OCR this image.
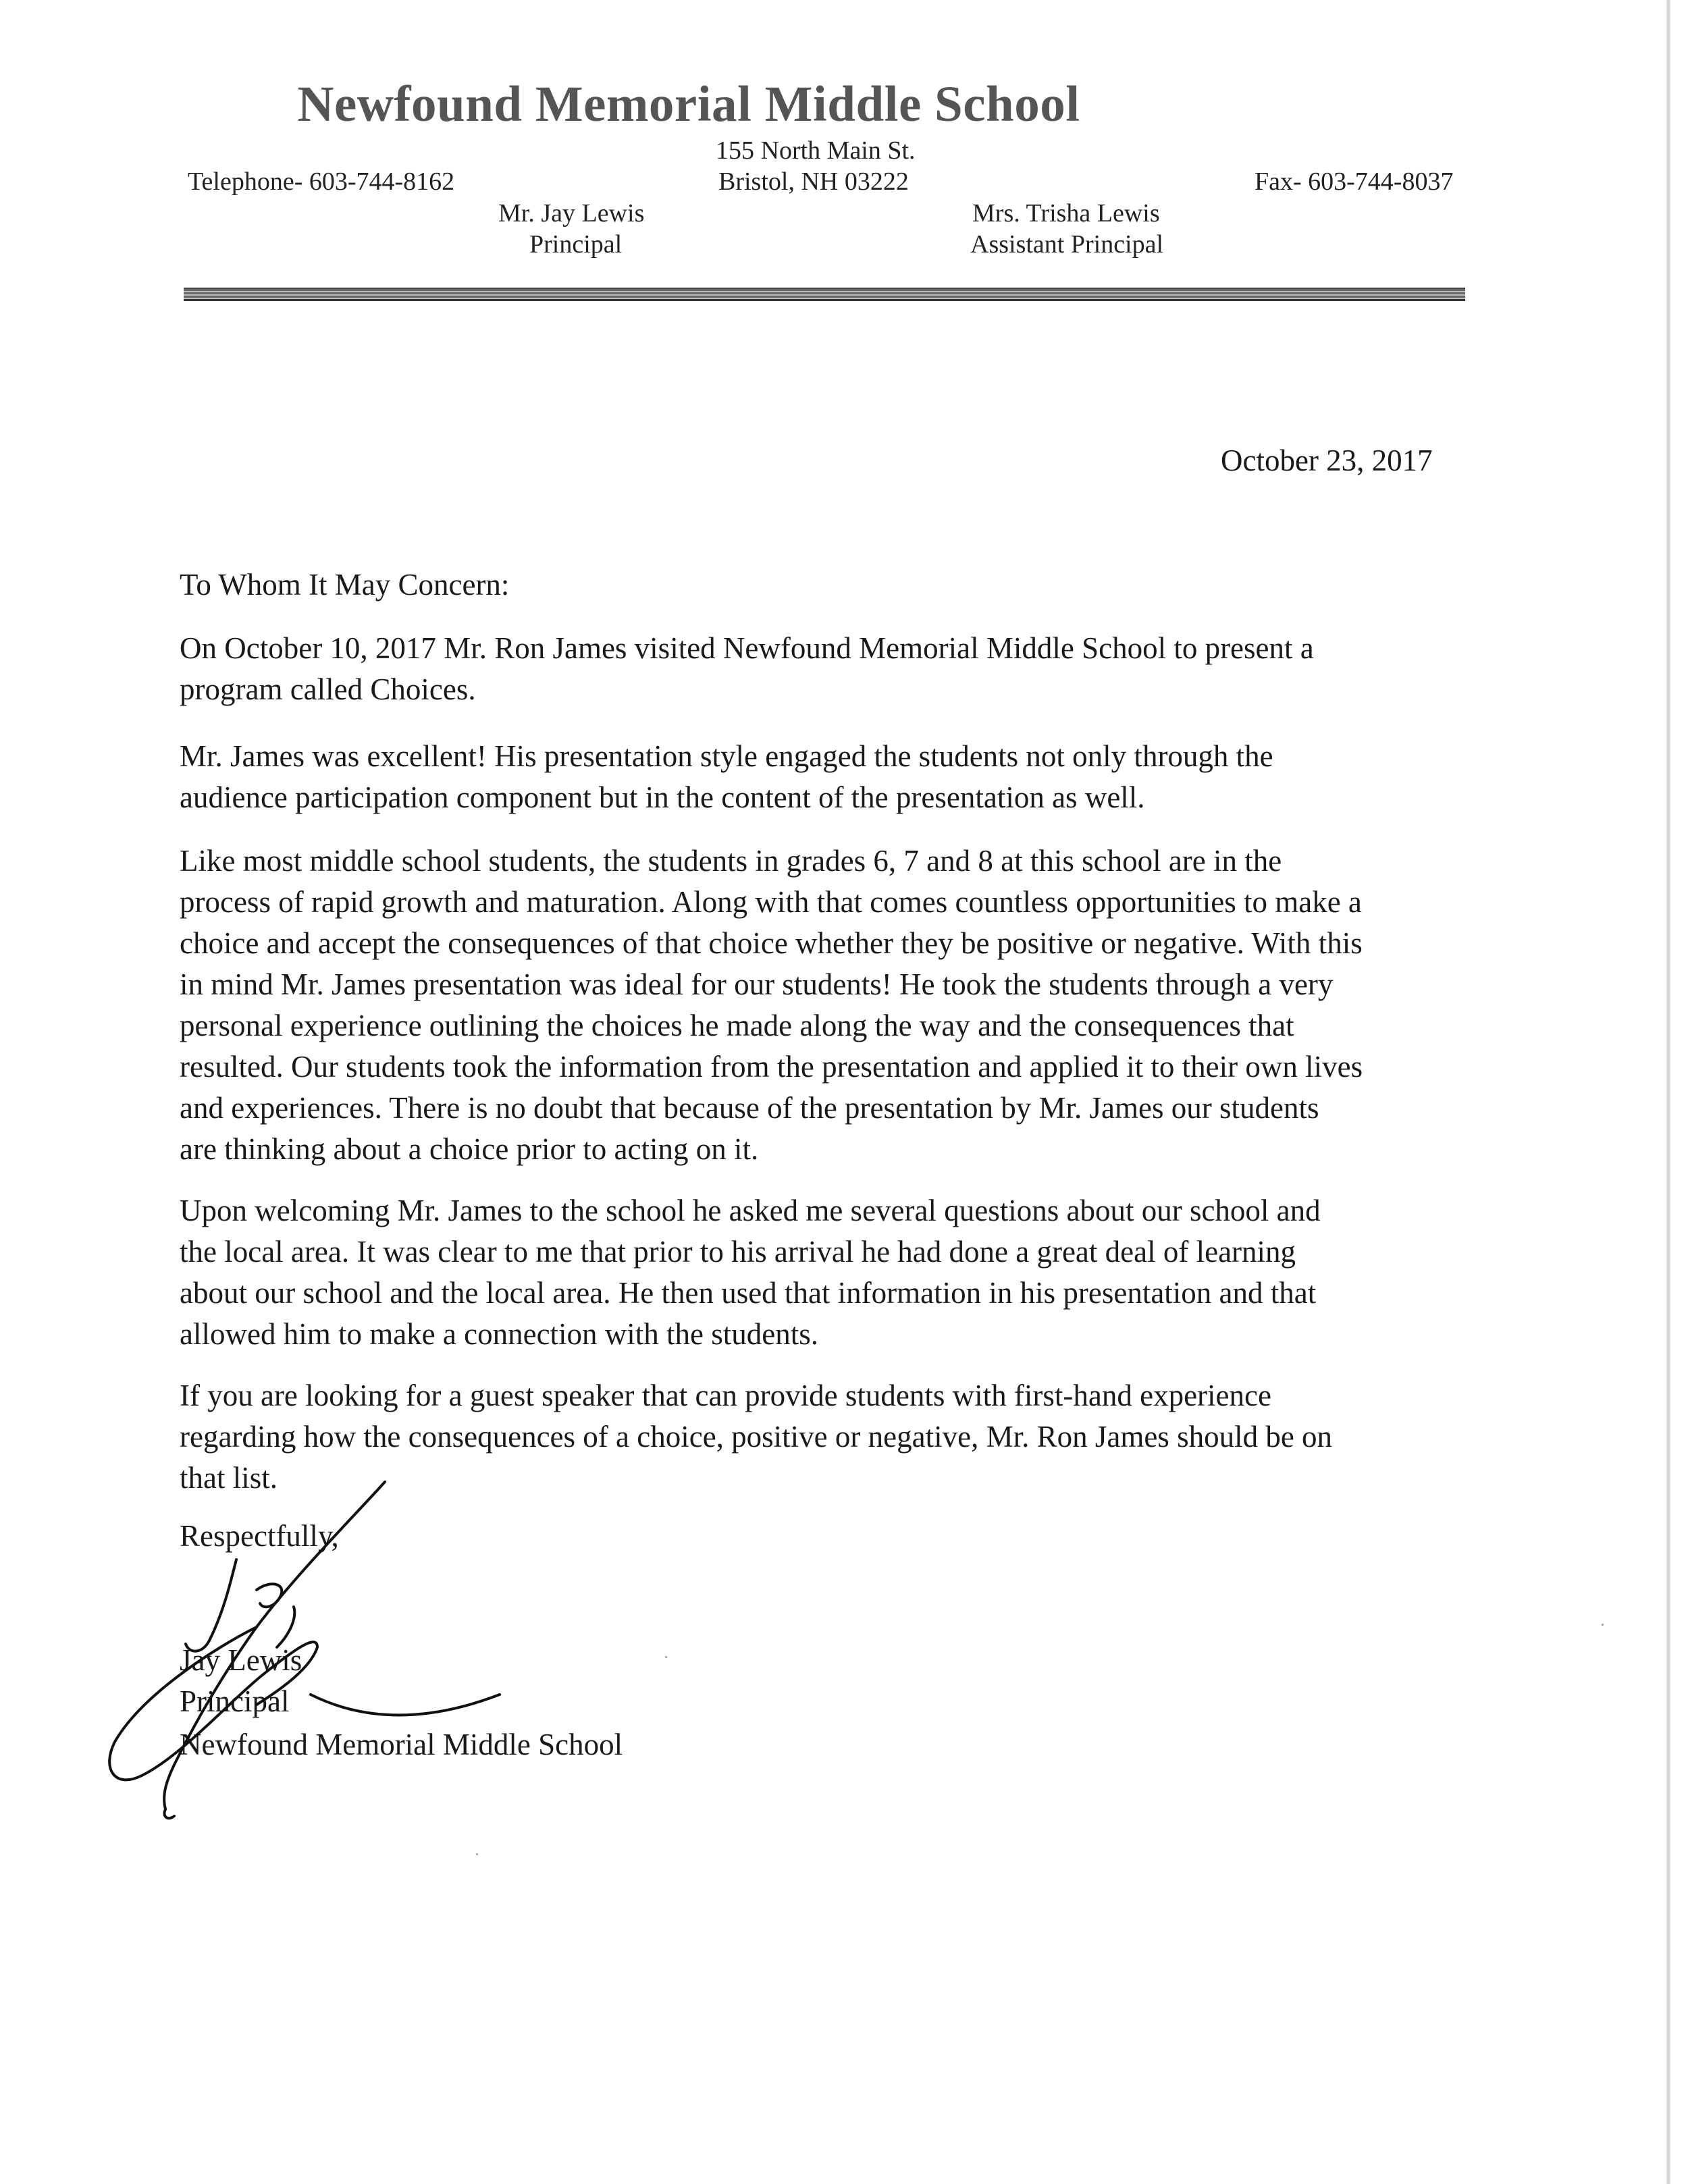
Newfound Memorial Middle School
155 North Main St.
Bristol, NH 03222
Telephone- 603-744-8162	Fax- 603-744-8037
Mr. Jay Lewis
Principal
Mrs. Trisha Lewis
Assistant Principal
October 23, 2017
To Whom It May Concern:
On October 10, 2017 Mr. Ron James visited Newfound Memorial Middle School to present a
program called Choices.
Mr. James was excellent! His presentation style engaged the students not only through the
audience participation component but in the content of the presentation as well.
Like most middle school students, the students in grades 6, 7 and 8 at this school are in the
process of rapid growth and maturation. Along with that comes countless opportunities to make a
choice and accept the consequences of that choice whether they be positive or negative. With this
in mind Mr. James presentation was ideal for our students! He took the students through a very
personal experience outlining the choices he made along the way and the consequences that
resulted. Our students took the information from the presentation and applied it to their own lives
and experiences. There is no doubt that because of the presentation by Mr. James our students
are thinking about a choice prior to acting on it.
Upon welcoming Mr. James to the school he asked me several questions about our school and
the local area. It was clear to me that prior to his arrival he had done a great deal of learning
about our school and the local area. He then used that information in his presentation and that
allowed him to make a connection with the students.
If you are looking for a guest speaker that can provide students with first-hand experience
regarding how the consequences of a choice, positive or negative, Mr. Ron James should be on
that list.
Respectfully,
Jay Lewis
Principal
Newfound Memorial Middle School
